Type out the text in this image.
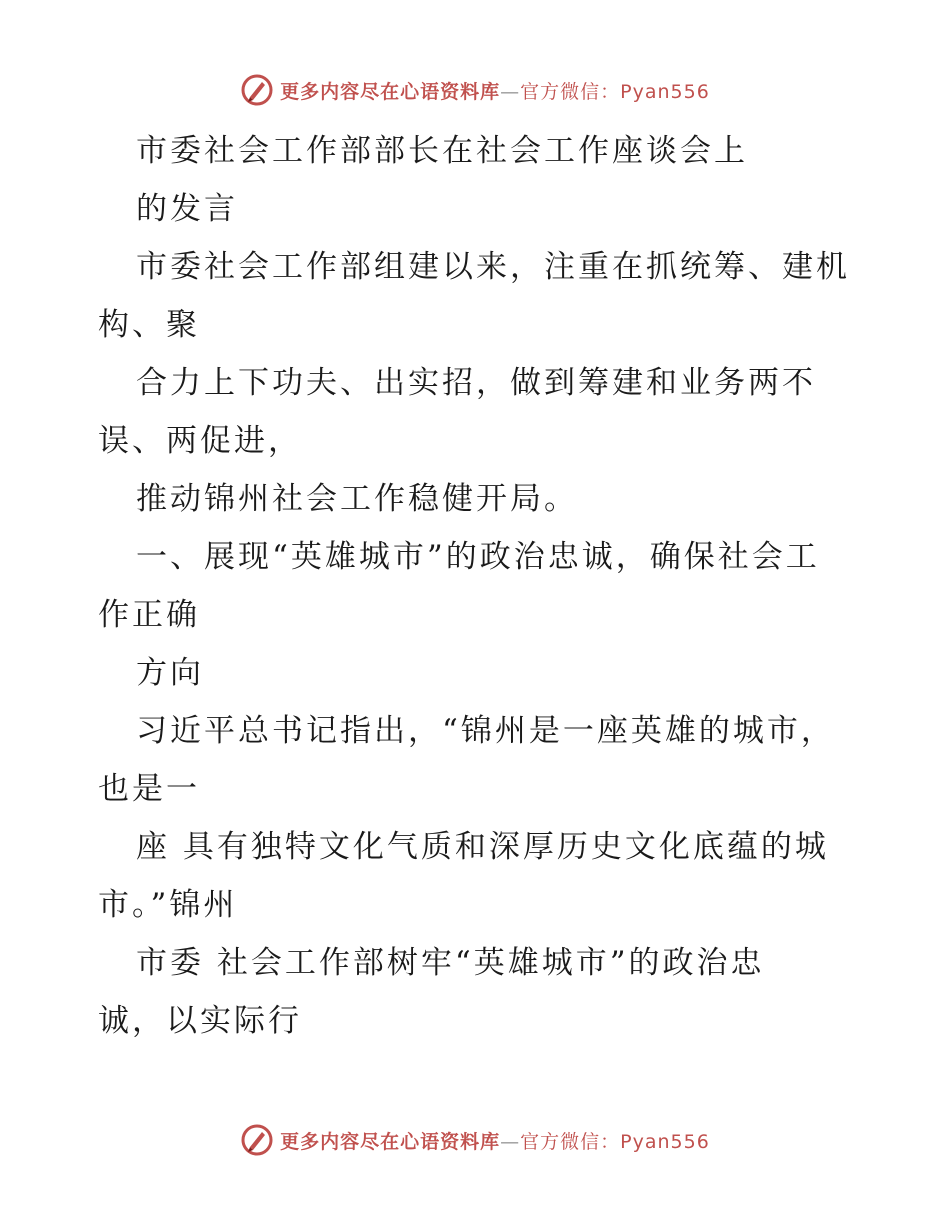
更多内容尽在心语资料库—官方微信：Pyan556
市委社会工作部部长在社会工作座谈会上
的发言
市委社会工作部组建以来，注重在抓统筹、建机
构、聚
合力上下功夫、出实招，做到筹建和业务两不
误、两促进，
推动锦州社会工作稳健开局。
一、展现“英雄城市”的政治忠诚，确保社会工
作正确
方向
习近平总书记指出，“锦州是一座英雄的城市，
也是一
座 具有独特文化气质和深厚历史文化底蕴的城
市。”锦州
市委 社会工作部树牢“英雄城市”的政治忠
诚，以实际行
更多内容尽在心语资料库—官方微信：Pyan556
